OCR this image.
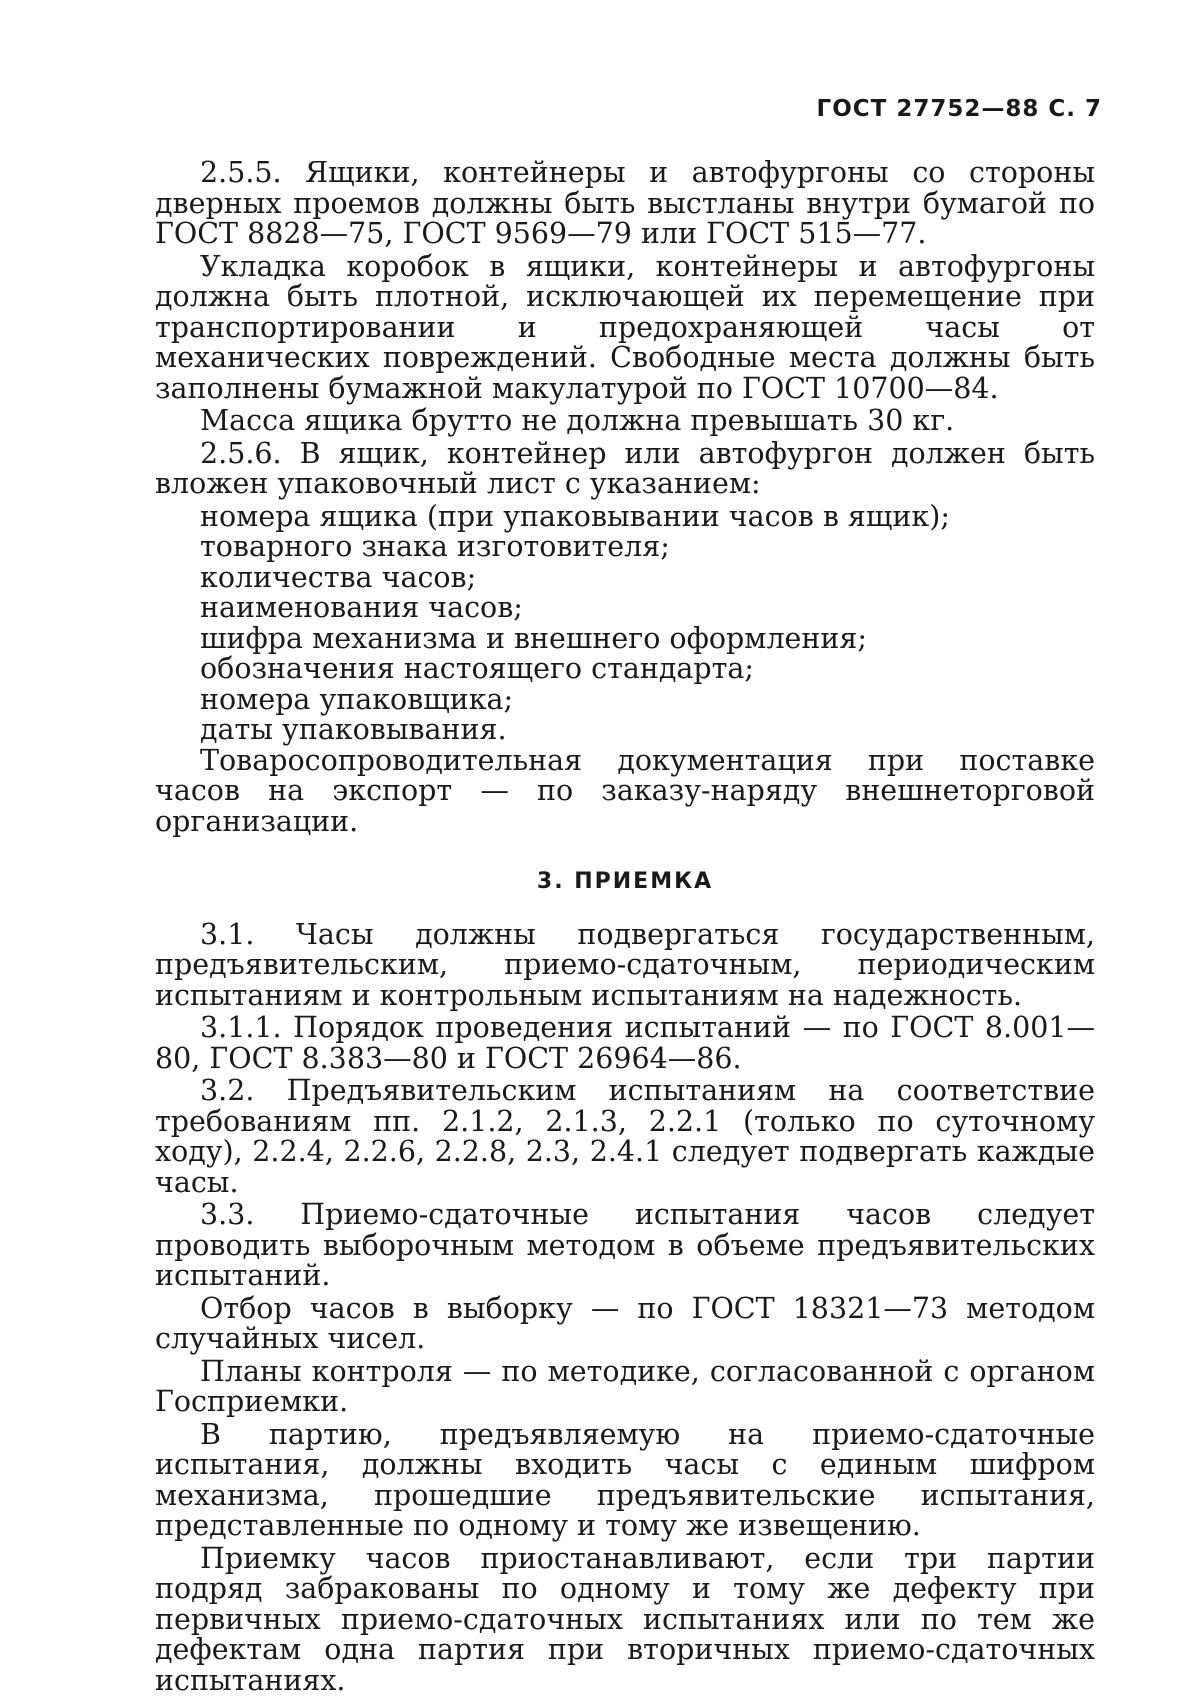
ГОСТ 27752—88 С. 7

2.5.5. Ящики, контейнеры и автофургоны со стороны дверных проемов должны быть выстланы внутри бумагой по ГОСТ 8828—75, ГОСТ 9569—79 или ГОСТ 515—77.

Укладка коробок в ящики, контейнеры и автофургоны должна быть плотной, исключающей их перемещение при транспортировании и предохраняющей часы от механических повреждений. Свободные места должны быть заполнены бумажной макулатурой по ГОСТ 10700—84.

Масса ящика брутто не должна превышать 30 кг.

2.5.6. В ящик, контейнер или автофургон должен быть вложен упаковочный лист с указанием:

номера ящика (при упаковывании часов в ящик);
товарного знака изготовителя;
количества часов;
наименования часов;
шифра механизма и внешнего оформления;
обозначения настоящего стандарта;
номера упаковщика;
даты упаковывания.

Товаросопроводительная документация при поставке часов на экспорт — по заказу-наряду внешнеторговой организации.

3. ПРИЕМКА

3.1. Часы должны подвергаться государственным, предъявительским, приемо-сдаточным, периодическим испытаниям и контрольным испытаниям на надежность.

3.1.1. Порядок проведения испытаний — по ГОСТ 8.001—80, ГОСТ 8.383—80 и ГОСТ 26964—86.

3.2. Предъявительским испытаниям на соответствие требованиям пп. 2.1.2, 2.1.3, 2.2.1 (только по суточному ходу), 2.2.4, 2.2.6, 2.2.8, 2.3, 2.4.1 следует подвергать каждые часы.

3.3. Приемо-сдаточные испытания часов следует проводить выборочным методом в объеме предъявительских испытаний.

Отбор часов в выборку — по ГОСТ 18321—73 методом случайных чисел.

Планы контроля — по методике, согласованной с органом Госприемки.

В партию, предъявляемую на приемо-сдаточные испытания, должны входить часы с единым шифром механизма, прошедшие предъявительские испытания, представленные по одному и тому же извещению.

Приемку часов приостанавливают, если три партии подряд забракованы по одному и тому же дефекту при первичных приемо-сдаточных испытаниях или по тем же дефектам одна партия при вторичных приемо-сдаточных испытаниях.
